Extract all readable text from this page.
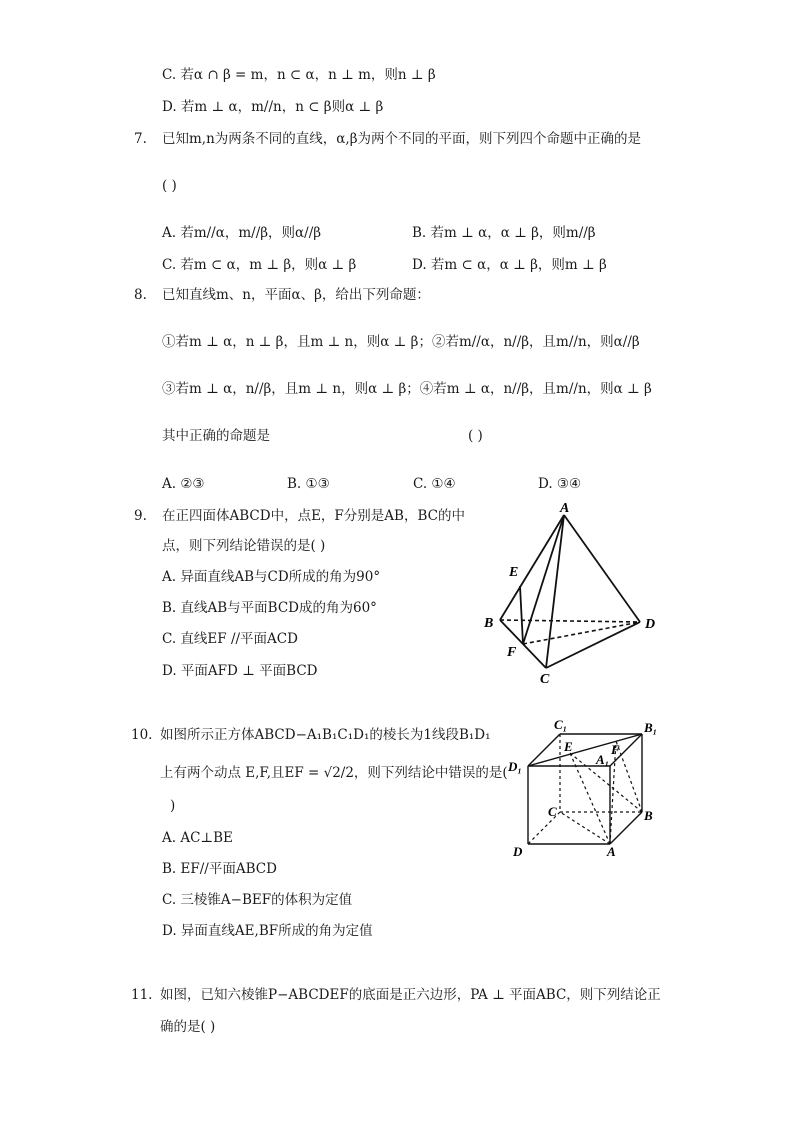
C. 若α ∩ β = m，n ⊂ α，n ⊥ m，则n ⊥ β
D. 若m ⊥ α，m//n，n ⊂ β则α ⊥ β
7. 已知m,n为两条不同的直线，α,β为两个不同的平面，则下列四个命题中正确的是
( )
A. 若m//α，m//β，则α//β	B. 若m ⊥ α，α ⊥ β，则m//β
C. 若m ⊂ α，m ⊥ β，则α ⊥ β	D. 若m ⊂ α，α ⊥ β，则m ⊥ β
8. 已知直线m、n，平面α、β，给出下列命题：
①若m ⊥ α，n ⊥ β，且m ⊥ n，则α ⊥ β；②若m//α，n//β，且m//n，则α//β
③若m ⊥ α，n//β，且m ⊥ n，则α ⊥ β；④若m ⊥ α，n//β，且m//n，则α ⊥ β
其中正确的命题是	( )
A. ②③	B. ①③	C. ①④	D. ③④
9. 在正四面体ABCD中，点E，F分别是AB，BC的中
点，则下列结论错误的是( )
A. 异面直线AB与CD所成的角为90°
B. 直线AB与平面BCD成的角为60°
C. 直线EF //平面ACD
D. 平面AFD ⊥ 平面BCD
A
E
B	D
F
C
10. 如图所示正方体ABCD−A₁B₁C₁D₁的棱长为1线段B₁D₁
上有两个动点 E,F,且EF = √2/2，则下列结论中错误的是(
)
A. AC⊥BE
B. EF//平面ABCD
C. 三棱锥A−BEF的体积为定值
D. 异面直线AE,BF所成的角为定值
C₁	B₁
E	F
A₁
D₁
C	B
D	A
11. 如图，已知六棱锥P−ABCDEF的底面是正六边形，PA ⊥ 平面ABC，则下列结论正
确的是( )
